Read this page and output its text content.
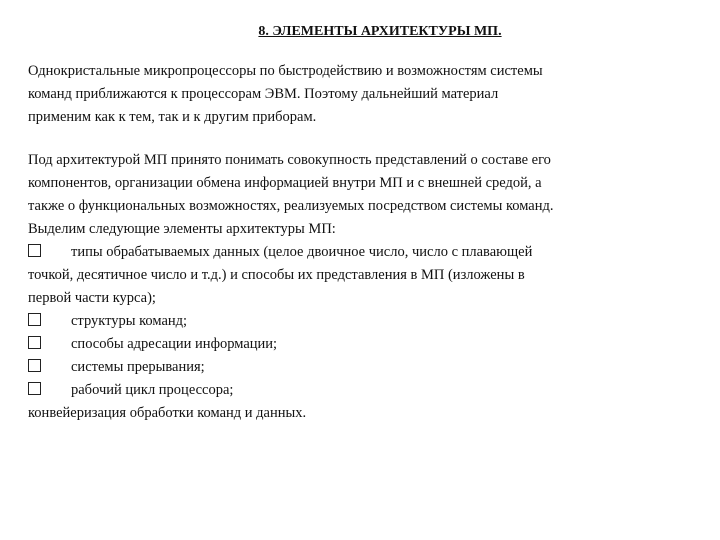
8. ЭЛЕМЕНТЫ АРХИТЕКТУРЫ МП.
Однокристальные микропроцессоры по быстродействию и возможностям системы
команд приближаются к процессорам ЭВМ. Поэтому дальнейший материал
применим как к тем, так и к другим приборам.
Под архитектурой МП принято понимать совокупность представлений о составе его
компонентов, организации обмена информацией внутри МП и с внешней средой, а
также о функциональных возможностях, реализуемых посредством системы команд.
Выделим следующие элементы архитектуры МП:
типы обрабатываемых данных (целое двоичное число, число с плавающей
точкой, десятичное число и т.д.) и способы их представления в МП (изложены в
первой части курса);
структуры команд;
способы адресации информации;
системы прерывания;
рабочий цикл процессора;
конвейеризация обработки команд и данных.
